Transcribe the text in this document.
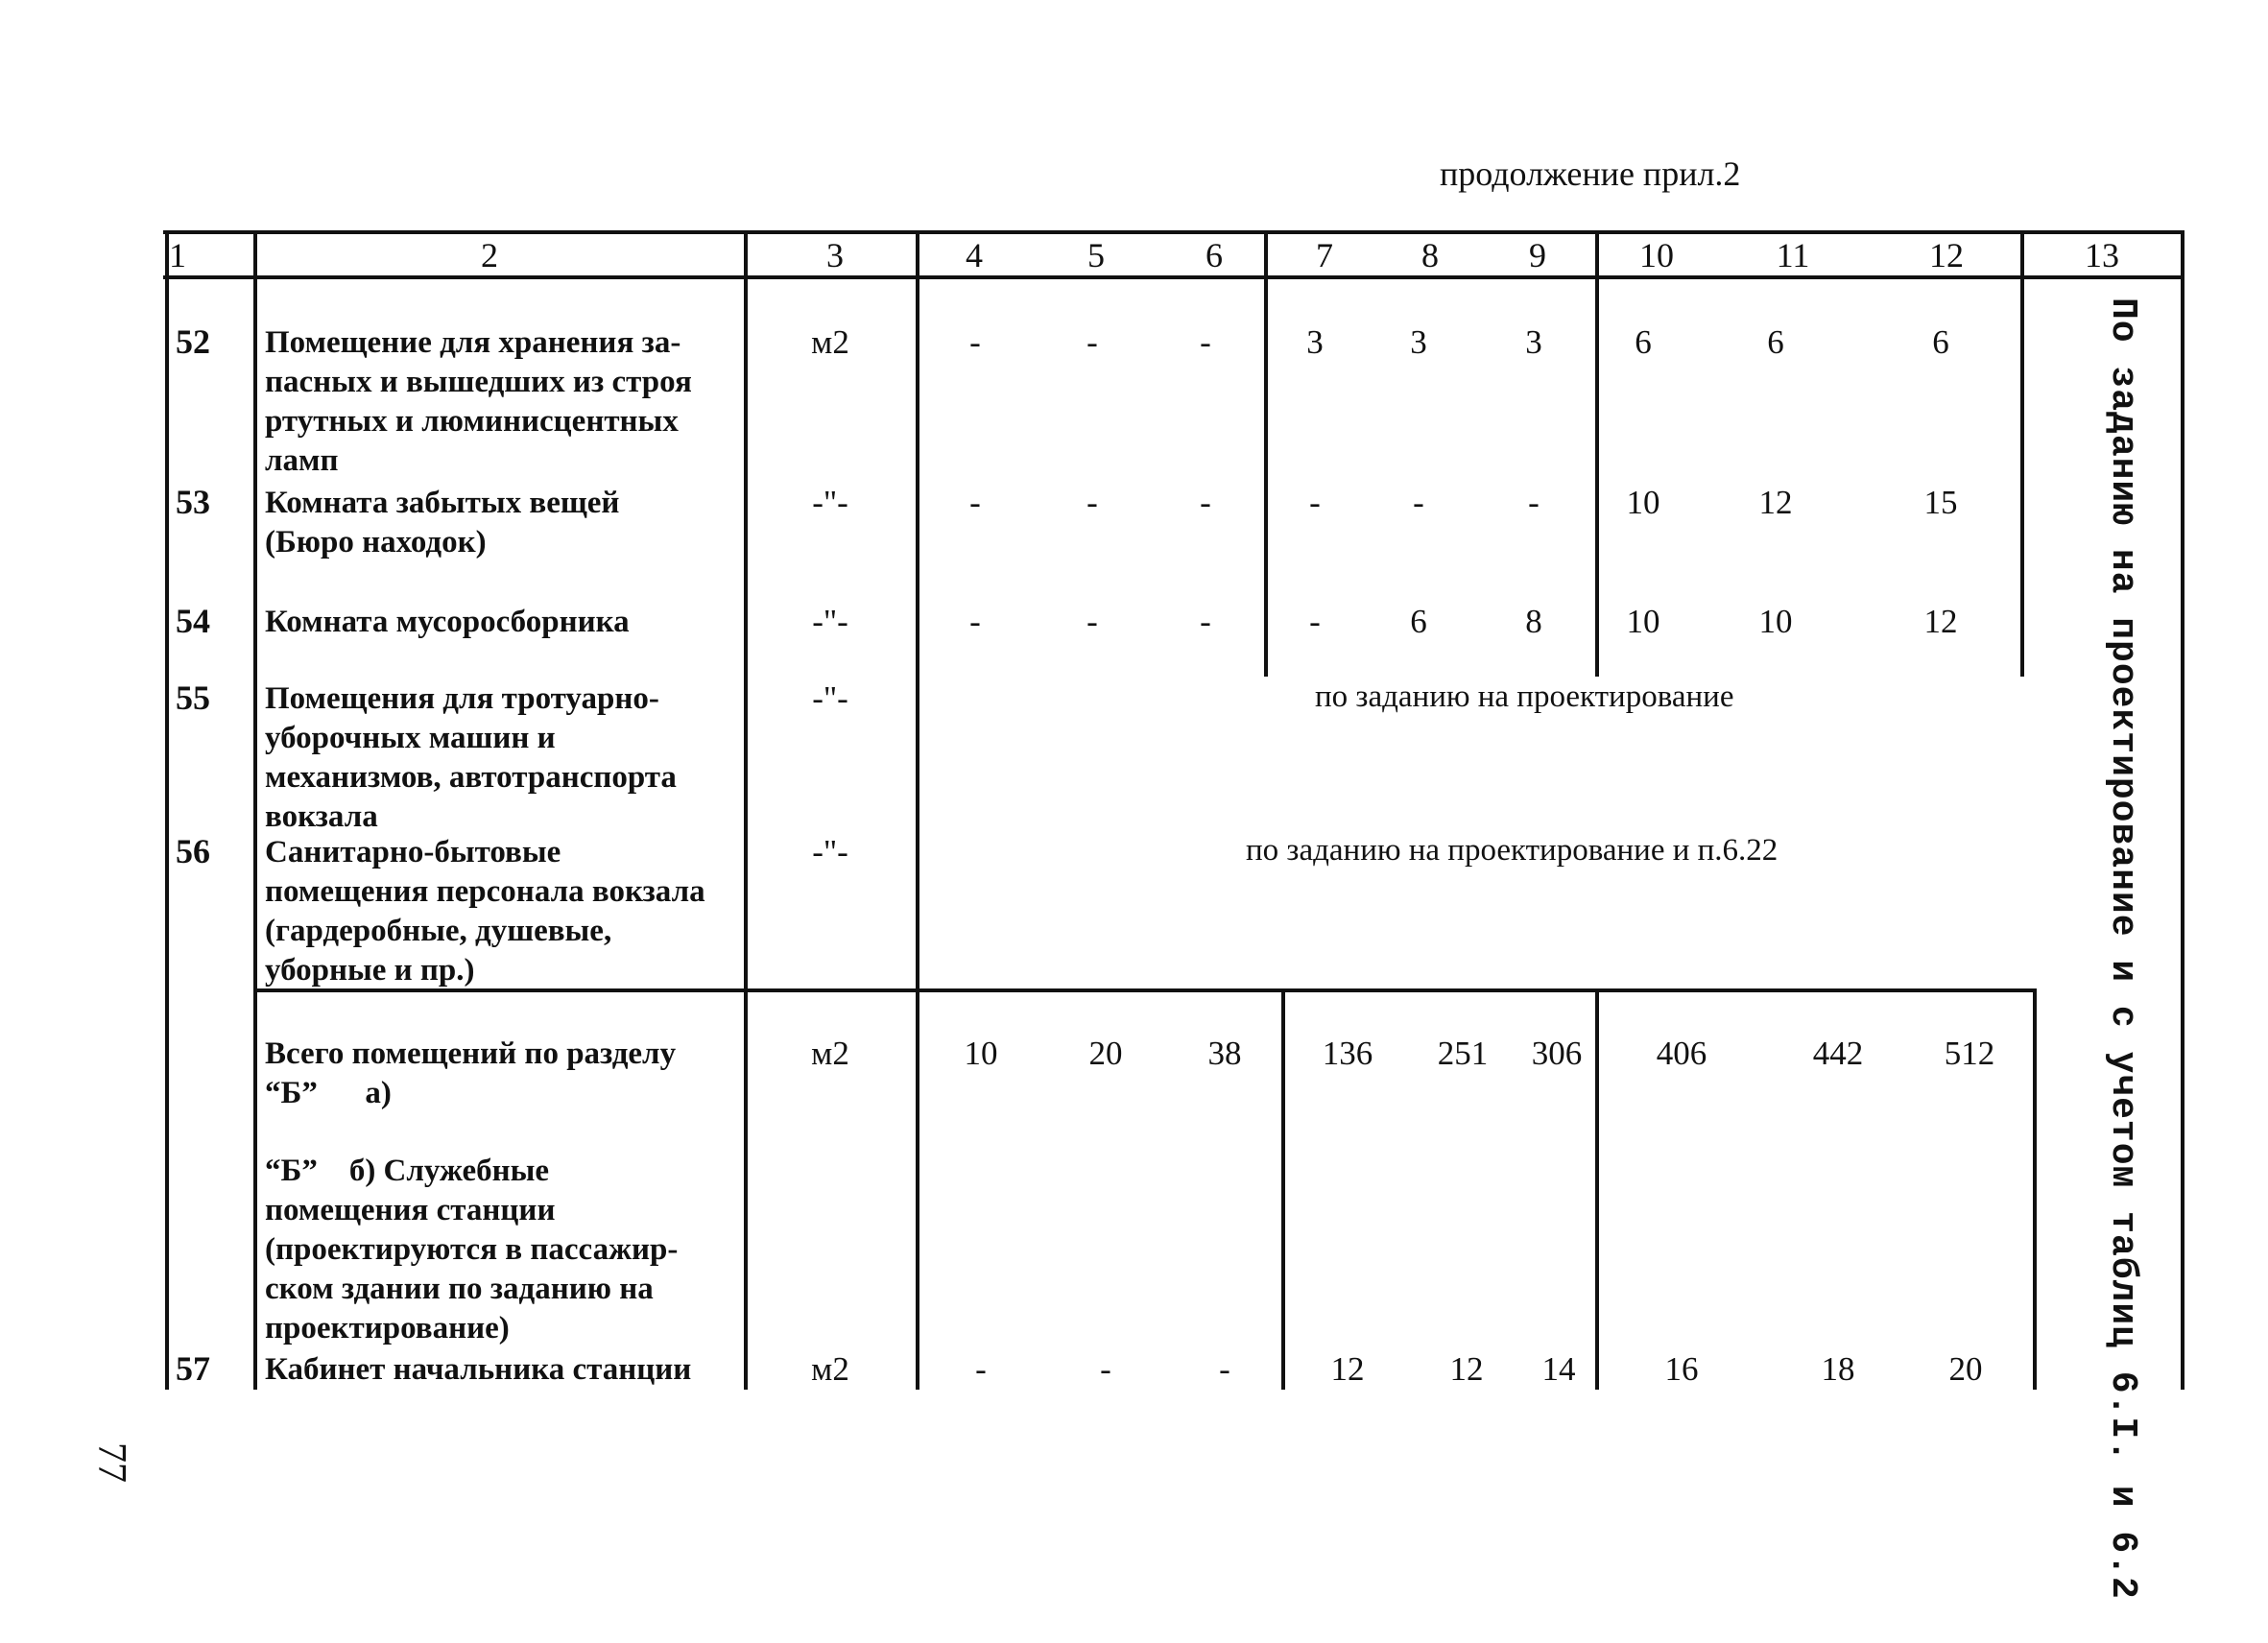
продолжение прил.2
77
1	2	3	4	5	6	7	8	9	10	11	12	13
52 Помещение для хранения за-
пасных и вышедших из строя
ртутных и люминисцентных
ламп
м2	-	-	-	3	3	3	6	6	6
53 Комната забытых вещей
(Бюро находок)
-"-	-	-	-	-	-	-	10	12	15
54 Комната мусоросборника	-"-	-	-	-	-	6	8	10	10	12
55 Помещения для тротуарно-
уборочных машин и
механизмов, автотранспорта
вокзала
-"-	по заданию на проектирование
56 Санитарно-бытовые
помещения персонала вокзала
(гардеробные, душевые,
уборные и пр.)
-"-	по заданию на проектирование и п.6.22
Всего помещений по разделу
“Б”      а)
м2	10	20	38	136	251	306	406	442	512
“Б”    б) Служебные
помещения станции
(проектируются в пассажир-
ском здании по заданию на
проектирование)
57 Кабинет начальника станции	м2	-	-	-	12	12	14	16	18	20	По заданию на проектирование и с учетом таблиц 6.I. и 6.2
